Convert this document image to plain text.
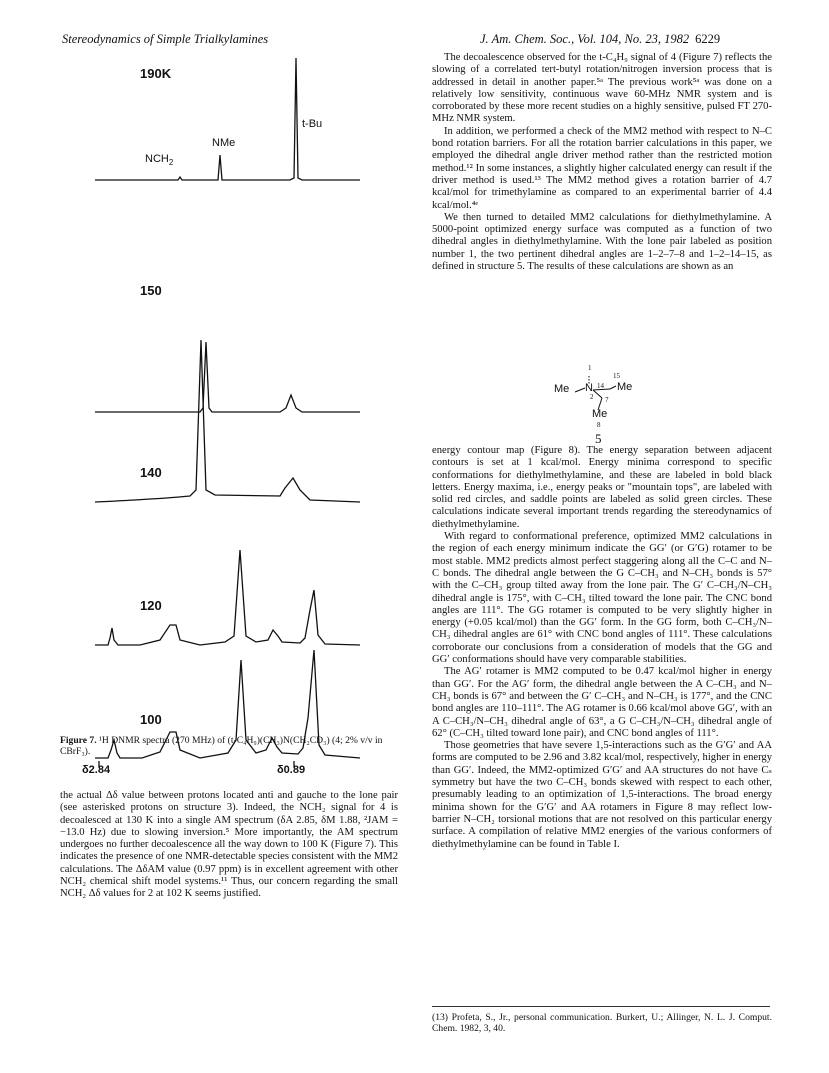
Stereodynamics of Simple Trialkylamines	J. Am. Chem. Soc., Vol. 104, No. 23, 1982 6229
190K
150
140
120
100
$NCH_2$
NMe
t-Bu
δ2.84	δ0.89
Figure 7. ¹H DNMR spectra (270 MHz) of (t-C₄H₉)(CH₃)N(CH₂CD₃) (4; 2% v/v in CBrF₃).

the actual Δδ value between protons located anti and gauche to the lone pair (see asterisked protons on structure 3). Indeed, the NCH₂ signal for 4 is decoalesced at 130 K into a single AM spectrum (δA 2.85, δM 1.88, ²JAM = −13.0 Hz) due to slowing inversion.⁵ More importantly, the AM spectrum undergoes no further decoalescence all the way down to 100 K (Figure 7). This indicates the presence of one NMR-detectable species consistent with the MM2 calculations. The ΔδAM value (0.97 ppm) is in excellent agreement with other NCH₂ chemical shift model systems.¹¹ Thus, our concern regarding the small NCH₂ Δδ values for 2 at 102 K seems justified.

The decoalescence observed for the t-C₄H₉ signal of 4 (Figure 7) reflects the slowing of a correlated tert-butyl rotation/nitrogen inversion process that is addressed in detail in another paper.⁵ᵃ The previous work⁵ᵃ was done on a relatively low sensitivity, continuous wave 60-MHz NMR system and is corroborated by these more recent studies on a highly sensitive, pulsed FT 270-MHz NMR system.

In addition, we performed a check of the MM2 method with respect to N–C bond rotation barriers. For all the rotation barrier calculations in this paper, we employed the dihedral angle driver method rather than the restricted motion method.¹² In some instances, a slightly higher calculated energy can result if the driver method is used.¹³ The MM2 method gives a rotation barrier of 4.7 kcal/mol for trimethylamine as compared to an experimental barrier of 4.4 kcal/mol.⁴ᵉ

We then turned to detailed MM2 calculations for diethylmethylamine. A 5000-point optimized energy surface was computed as a function of two dihedral angles in diethylmethylamine. With the lone pair labeled as position number 1, the two pertinent dihedral angles are 1–2–7–8 and 1–2–14–15, as defined in structure 5. The results of these calculations are shown as an

1
Me N
2 7
14
15
Me
Me
8
5

energy contour map (Figure 8). The energy separation between adjacent contours is set at 1 kcal/mol. Energy minima correspond to specific conformations for diethylmethylamine, and these are labeled in bold black letters. Energy maxima, i.e., energy peaks or "mountain tops", are labeled with solid red circles, and saddle points are labeled as solid green circles. These calculations indicate several important trends regarding the stereodynamics of diethylmethylamine.

With regard to conformational preference, optimized MM2 calculations in the region of each energy minimum indicate the GG′ (or G′G) rotamer to be most stable. MM2 predicts almost perfect staggering along all the C–C and N–C bonds. The dihedral angle between the G C–CH₃ and N–CH₃ bonds is 57° with the C–CH₃ group tilted away from the lone pair. The G′ C–CH₃/N–CH₃ dihedral angle is 175°, with C–CH₃ tilted toward the lone pair. The CNC bond angles are 111°. The GG rotamer is computed to be very slightly higher in energy (+0.05 kcal/mol) than the GG′ form. In the GG form, both C–CH₃/N–CH₃ dihedral angles are 61° with CNC bond angles of 111°. These calculations corroborate our conclusions from a consideration of models that the GG and GG′ conformations should have very comparable stabilities.

The AG′ rotamer is MM2 computed to be 0.47 kcal/mol higher in energy than GG′. For the AG′ form, the dihedral angle between the A C–CH₃ and N–CH₃ bonds is 67° and between the G′ C–CH₃ and N–CH₃ is 177°, and the CNC bond angles are 110–111°. The AG rotamer is 0.66 kcal/mol above GG′, with an A C–CH₃/N–CH₃ dihedral angle of 63°, a G C–CH₃/N–CH₃ dihedral angle of 62° (C–CH₃ tilted toward lone pair), and CNC bond angles of 111°.

Those geometries that have severe 1,5-interactions such as the G′G′ and AA forms are computed to be 2.96 and 3.82 kcal/mol, respectively, higher in energy than GG′. Indeed, the MM2-optimized G′G′ and AA structures do not have Cₛ symmetry but have the two C–CH₃ bonds skewed with respect to each other, presumably leading to an optimization of 1,5-interactions. The broad energy minima shown for the G′G′ and AA rotamers in Figure 8 may reflect low-barrier N–CH₂ torsional motions that are not resolved on this particular energy surface. A compilation of relative MM2 energies of the various conformers of diethylmethylamine can be found in Table I.

(13) Profeta, S., Jr., personal communication. Burkert, U.; Allinger, N. L. J. Comput. Chem. 1982, 3, 40.
